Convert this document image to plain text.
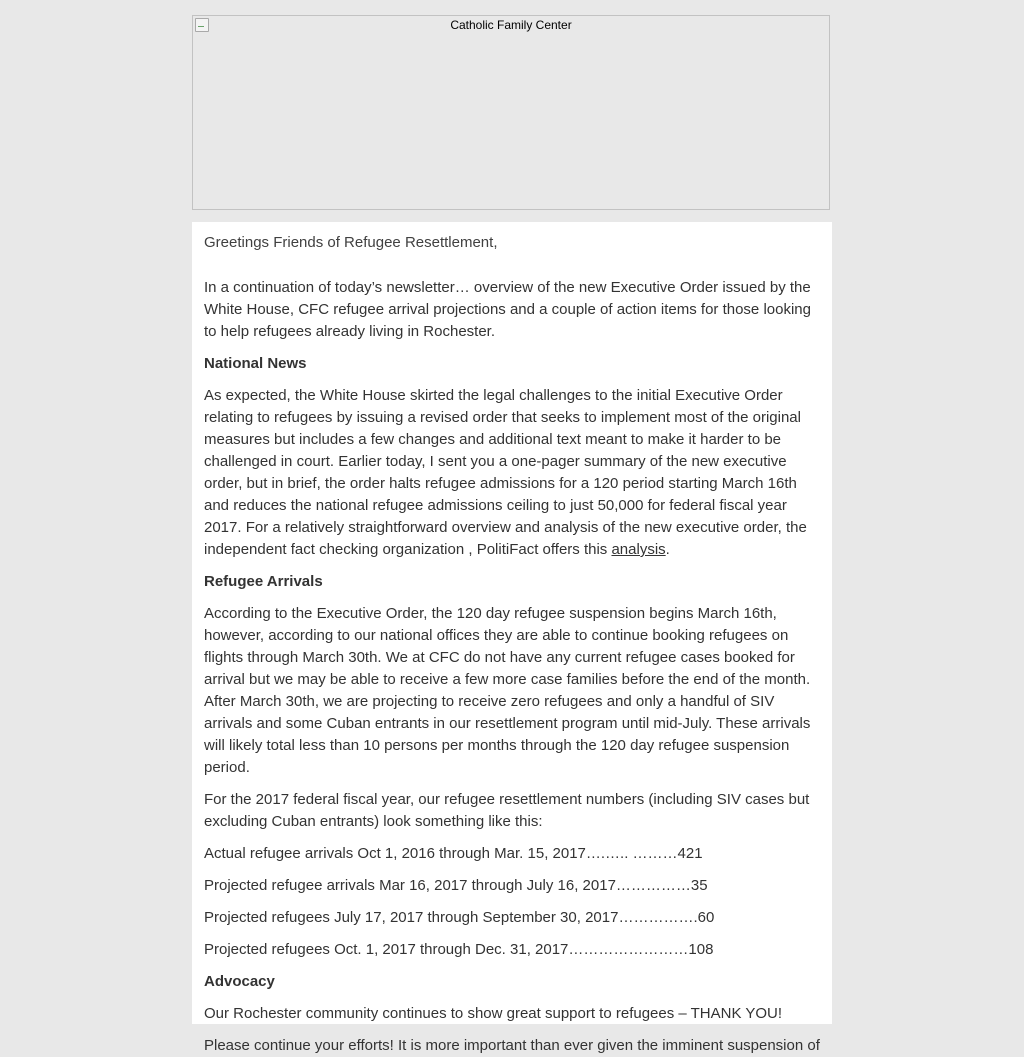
Catholic Family Center

Greetings Friends of Refugee Resettlement,

In a continuation of today’s newsletter… overview of the new Executive Order issued by the White House, CFC refugee arrival projections and a couple of action items for those looking to help refugees already living in Rochester.

National News

As expected, the White House skirted the legal challenges to the initial Executive Order relating to refugees by issuing a revised order that seeks to implement most of the original measures but includes a few changes and additional text meant to make it harder to be challenged in court. Earlier today, I sent you a one-pager summary of the new executive order, but in brief, the order halts refugee admissions for a 120 period starting March 16th and reduces the national refugee admissions ceiling to just 50,000 for federal fiscal year 2017. For a relatively straightforward overview and analysis of the new executive order, the independent fact checking organization , PolitiFact offers this analysis.

Refugee Arrivals

According to the Executive Order, the 120 day refugee suspension begins March 16th, however, according to our national offices they are able to continue booking refugees on flights through March 30th. We at CFC do not have any current refugee cases booked for arrival but we may be able to receive a few more case families before the end of the month. After March 30th, we are projecting to receive zero refugees and only a handful of SIV arrivals and some Cuban entrants in our resettlement program until mid-July. These arrivals will likely total less than 10 persons per months through the 120 day refugee suspension period.

For the 2017 federal fiscal year, our refugee resettlement numbers (including SIV cases but excluding Cuban entrants) look something like this:

Actual refugee arrivals Oct 1, 2016 through Mar. 15, 2017….….. ………421

Projected refugee arrivals Mar 16, 2017 through July 16, 2017……………35

Projected refugees July 17, 2017 through September 30, 2017…………….60

Projected refugees Oct. 1, 2017 through Dec. 31, 2017……………………108

Advocacy

Our Rochester community continues to show great support to refugees – THANK YOU!

Please continue your efforts! It is more important than ever given the imminent suspension of
